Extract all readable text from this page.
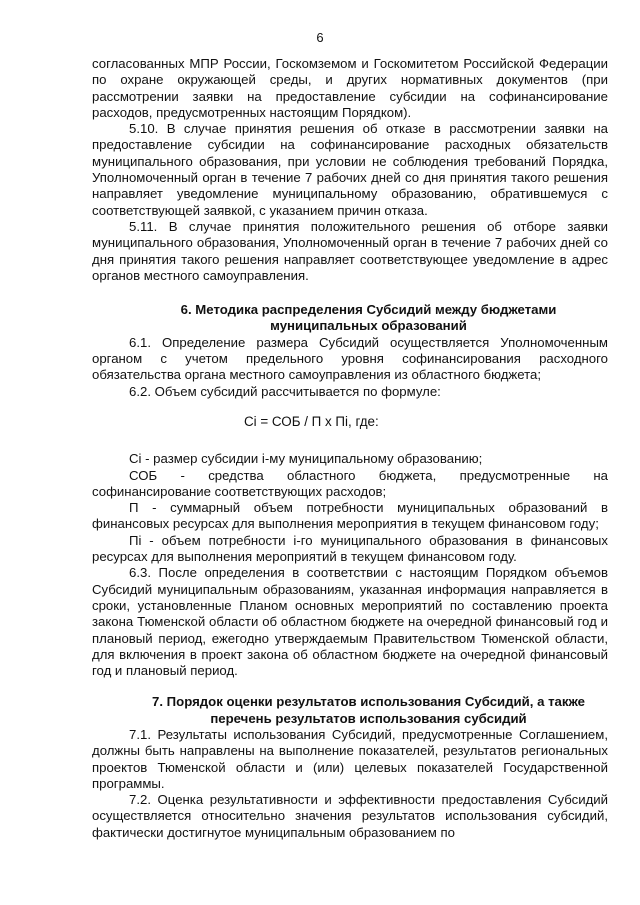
6

согласованных МПР России, Госкомземом и Госкомитетом Российской Федерации по охране окружающей среды, и других нормативных документов (при рассмотрении заявки на предоставление субсидии на софинансирование расходов, предусмотренных настоящим Порядком).

5.10. В случае принятия решения об отказе в рассмотрении заявки на предоставление субсидии на софинансирование расходных обязательств муниципального образования, при условии не соблюдения требований Порядка, Уполномоченный орган в течение 7 рабочих дней со дня принятия такого решения направляет уведомление муниципальному образованию, обратившемуся с соответствующей заявкой, с указанием причин отказа.

5.11. В случае принятия положительного решения об отборе заявки муниципального образования, Уполномоченный орган в течение 7 рабочих дней со дня принятия такого решения направляет соответствующее уведомление в адрес органов местного самоуправления.

6. Методика распределения Субсидий между бюджетами
муниципальных образований

6.1. Определение размера Субсидий осуществляется Уполномоченным органом с учетом предельного уровня софинансирования расходного обязательства органа местного самоуправления из областного бюджета;

6.2. Объем субсидий рассчитывается по формуле:

Сi = СОБ / П x Пi, где:

Сi - размер субсидии i-му муниципальному образованию;

СОБ - средства областного бюджета, предусмотренные на софинансирование соответствующих расходов;

П - суммарный объем потребности муниципальных образований в финансовых ресурсах для выполнения мероприятия в текущем финансовом году;

Пi - объем потребности i-го муниципального образования в финансовых ресурсах для выполнения мероприятий в текущем финансовом году.

6.3. После определения в соответствии с настоящим Порядком объемов Субсидий муниципальным образованиям, указанная информация направляется в сроки, установленные Планом основных мероприятий по составлению проекта закона Тюменской области об областном бюджете на очередной финансовый год и плановый период, ежегодно утверждаемым Правительством Тюменской области, для включения в проект закона об областном бюджете на очередной финансовый год и плановый период.

7. Порядок оценки результатов использования Субсидий, а также
перечень результатов использования субсидий

7.1. Результаты использования Субсидий, предусмотренные Соглашением, должны быть направлены на выполнение показателей, результатов региональных проектов Тюменской области и (или) целевых показателей Государственной программы.

7.2. Оценка результативности и эффективности предоставления Субсидий осуществляется относительно значения результатов использования субсидий, фактически достигнутое муниципальным образованием по
